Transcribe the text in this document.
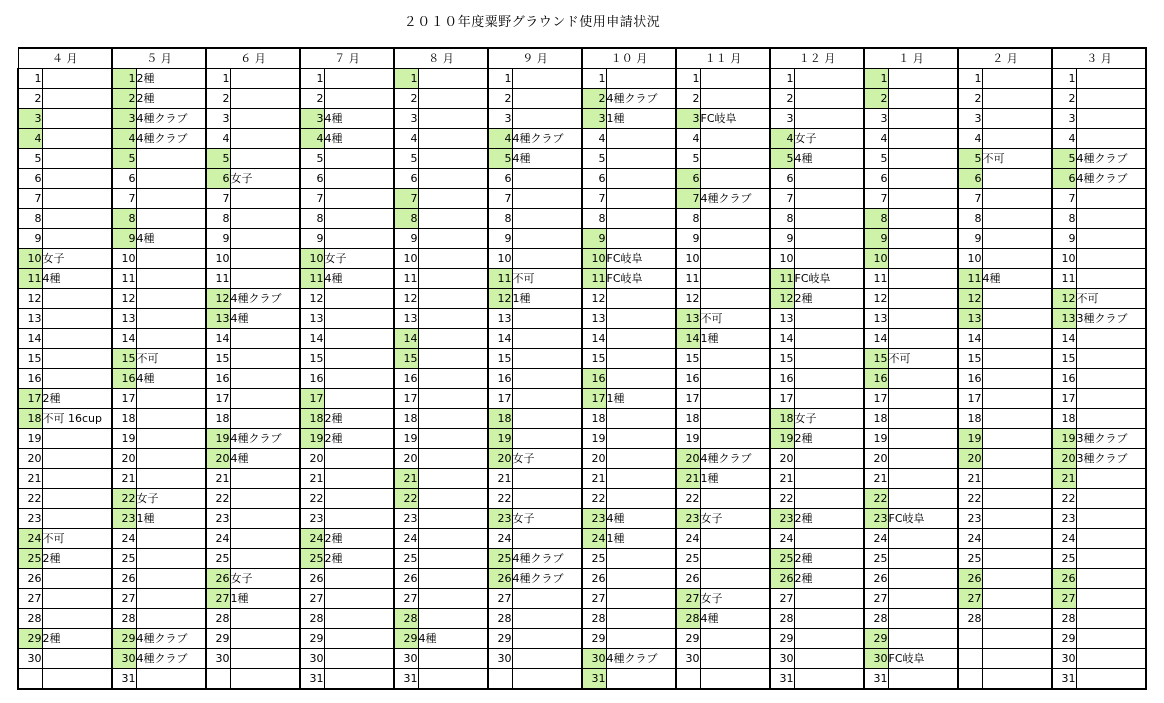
２０１０年度粟野グラウンド使用申請状況
４ 月		５ 月		６ 月		７ 月		８ 月		９ 月		１０ 月		１１ 月		１２ 月		１ 月		２ 月		３ 月	
1		1	2種	1		1		1		1		1		1		1		1		1		1	
2		2	2種	2		2		2		2		2	4種クラブ	2		2		2		2		2	
3		3	4種クラブ	3		3	4種	3		3		3	1種	3	FC岐阜	3		3		3		3	
4		4	4種クラブ	4		4	4種	4		4	4種クラブ	4		4		4	女子	4		4		4	
5		5		5		5		5		5	4種	5		5		5	4種	5		5	不可	5	4種クラブ
6		6		6	女子	6		6		6		6		6		6		6		6		6	4種クラブ
7		7		7		7		7		7		7		7	4種クラブ	7		7		7		7	
8		8		8		8		8		8		8		8		8		8		8		8	
9		9	4種	9		9		9		9		9		9		9		9		9		9	
10	女子	10		10		10	女子	10		10		10	FC岐阜	10		10		10		10		10	
11	4種	11		11		11	4種	11		11	不可	11	FC岐阜	11		11	FC岐阜	11		11	4種	11	
12		12		12	4種クラブ	12		12		12	1種	12		12		12	2種	12		12		12	不可
13		13		13	4種	13		13		13		13		13	不可	13		13		13		13	3種クラブ
14		14		14		14		14		14		14		14	1種	14		14		14		14	
15		15	不可	15		15		15		15		15		15		15		15	不可	15		15	
16		16	4種	16		16		16		16		16		16		16		16		16		16	
17	2種	17		17		17		17		17		17	1種	17		17		17		17		17	
18	不可 16cup	18		18		18	2種	18		18		18		18		18	女子	18		18		18	
19		19		19	4種クラブ	19	2種	19		19		19		19		19	2種	19		19		19	3種クラブ
20		20		20	4種	20		20		20	女子	20		20	4種クラブ	20		20		20		20	3種クラブ
21		21		21		21		21		21		21		21	1種	21		21		21		21	
22		22	女子	22		22		22		22		22		22		22		22		22		22	
23		23	1種	23		23		23		23	女子	23	4種	23	女子	23	2種	23	FC岐阜	23		23	
24	不可	24		24		24	2種	24		24		24	1種	24		24		24		24		24	
25	2種	25		25		25	2種	25		25	4種クラブ	25		25		25	2種	25		25		25	
26		26		26	女子	26		26		26	4種クラブ	26		26		26	2種	26		26		26	
27		27		27	1種	27		27		27		27		27	女子	27		27		27		27	
28		28		28		28		28		28		28		28	4種	28		28		28		28	
29	2種	29	4種クラブ	29		29		29	4種	29		29		29		29		29				29	
30		30	4種クラブ	30		30		30		30		30	4種クラブ	30		30		30	FC岐阜			30	
		31				31		31				31				31		31				31	
